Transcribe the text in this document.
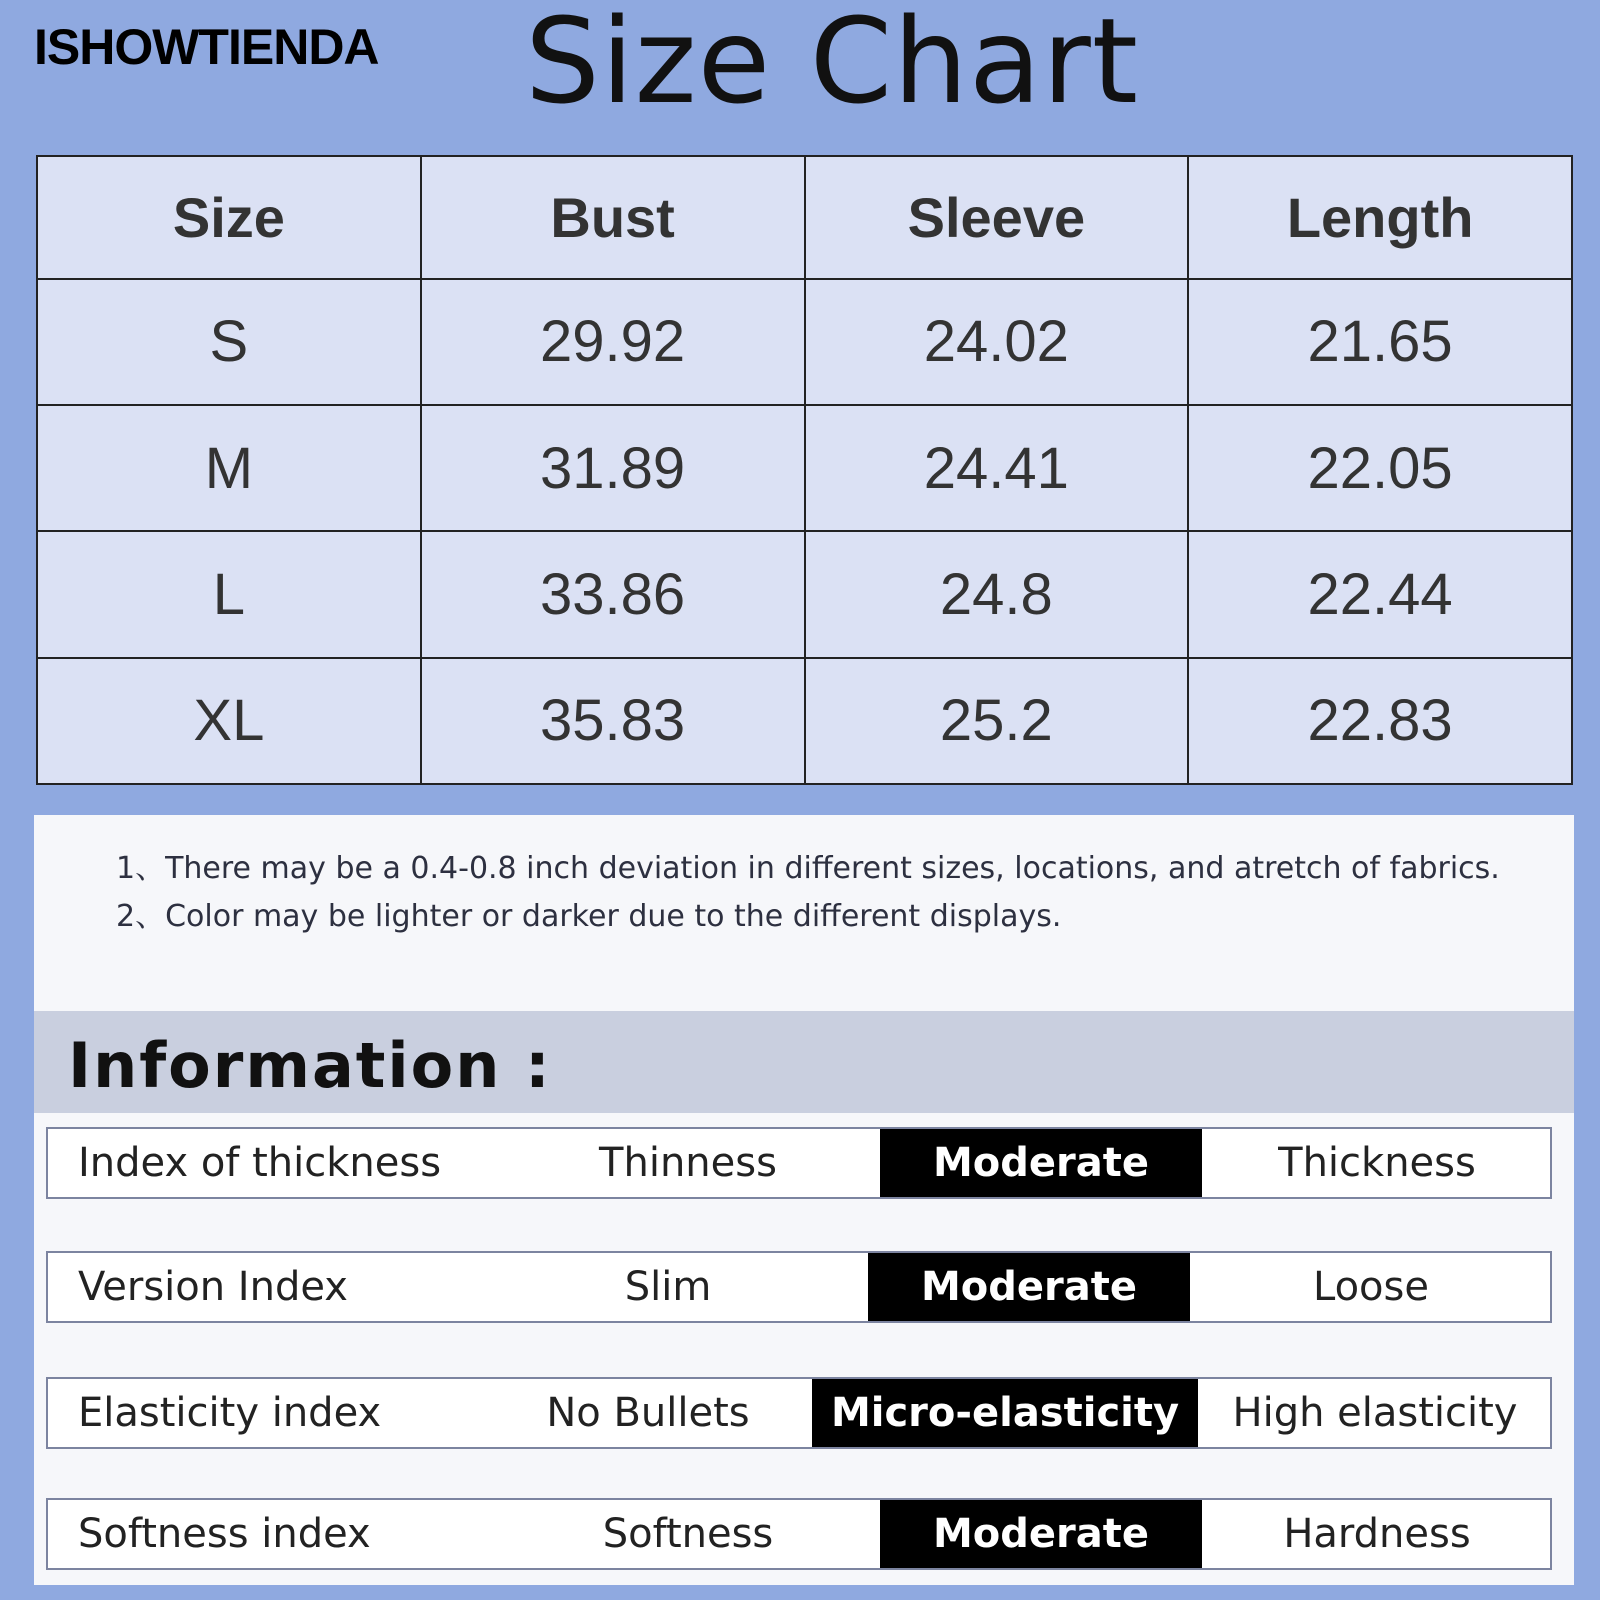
ISHOWTIENDA Size Chart
Size	Bust	Sleeve	Length
S	29.92	24.02	21.65
M	31.89	24.41	22.05
L	33.86	24.8	22.44
XL	35.83	25.2	22.83
1、There may be a 0.4-0.8 inch deviation in different sizes, locations, and atretch of fabrics.
2、Color may be lighter or darker due to the different displays.
Information :
Index of thickness	Thinness	Moderate	Thickness
Version Index	Slim	Moderate	Loose
Elasticity index	No Bullets	Micro-elasticity	High elasticity
Softness index	Softness	Moderate	Hardness
